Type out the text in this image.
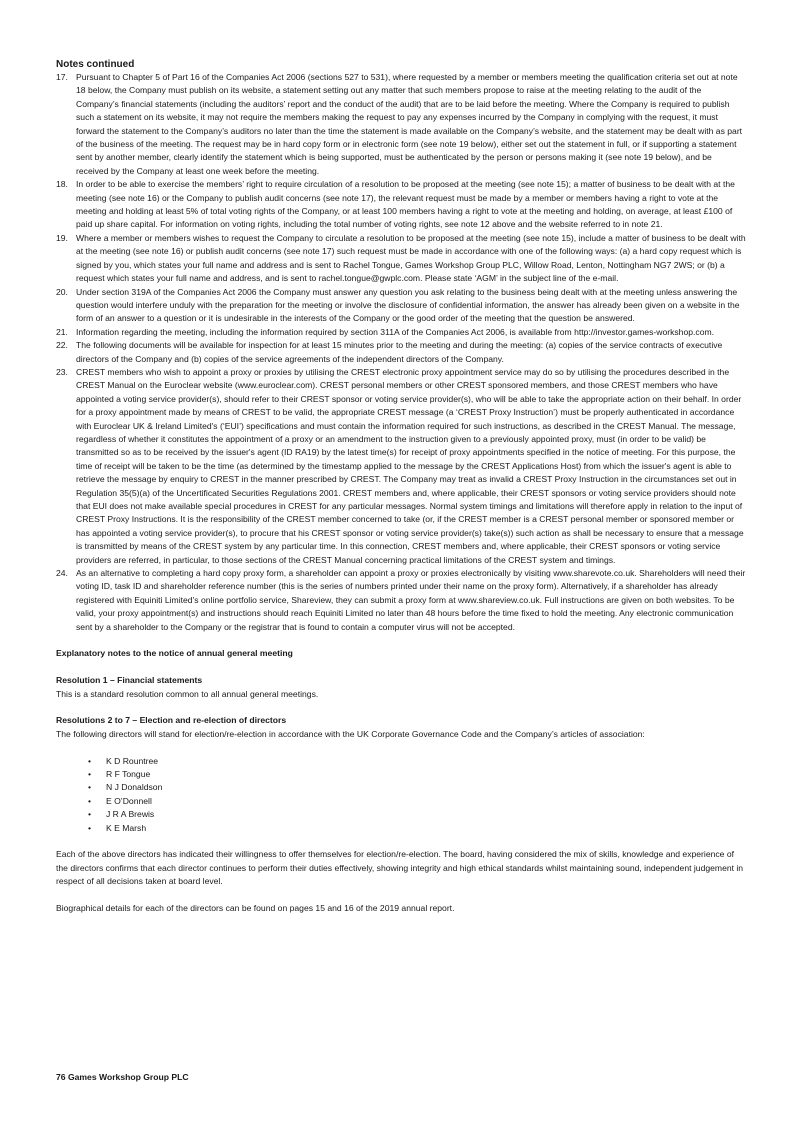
Notes continued
17. Pursuant to Chapter 5 of Part 16 of the Companies Act 2006 (sections 527 to 531), where requested by a member or members meeting the qualification criteria set out at note 18 below, the Company must publish on its website, a statement setting out any matter that such members propose to raise at the meeting relating to the audit of the Company’s financial statements (including the auditors’ report and the conduct of the audit) that are to be laid before the meeting. Where the Company is required to publish such a statement on its website, it may not require the members making the request to pay any expenses incurred by the Company in complying with the request, it must forward the statement to the Company’s auditors no later than the time the statement is made available on the Company’s website, and the statement may be dealt with as part of the business of the meeting. The request may be in hard copy form or in electronic form (see note 19 below), either set out the statement in full, or if supporting a statement sent by another member, clearly identify the statement which is being supported, must be authenticated by the person or persons making it (see note 19 below), and be received by the Company at least one week before the meeting.
18. In order to be able to exercise the members’ right to require circulation of a resolution to be proposed at the meeting (see note 15); a matter of business to be dealt with at the meeting (see note 16) or the Company to publish audit concerns (see note 17), the relevant request must be made by a member or members having a right to vote at the meeting and holding at least 5% of total voting rights of the Company, or at least 100 members having a right to vote at the meeting and holding, on average, at least £100 of paid up share capital. For information on voting rights, including the total number of voting rights, see note 12 above and the website referred to in note 21.
19. Where a member or members wishes to request the Company to circulate a resolution to be proposed at the meeting (see note 15), include a matter of business to be dealt with at the meeting (see note 16) or publish audit concerns (see note 17) such request must be made in accordance with one of the following ways: (a) a hard copy request which is signed by you, which states your full name and address and is sent to Rachel Tongue, Games Workshop Group PLC, Willow Road, Lenton, Nottingham NG7 2WS; or (b) a request which states your full name and address, and is sent to rachel.tongue@gwplc.com. Please state ‘AGM’ in the subject line of the e-mail.
20. Under section 319A of the Companies Act 2006 the Company must answer any question you ask relating to the business being dealt with at the meeting unless answering the question would interfere unduly with the preparation for the meeting or involve the disclosure of confidential information, the answer has already been given on a website in the form of an answer to a question or it is undesirable in the interests of the Company or the good order of the meeting that the question be answered.
21. Information regarding the meeting, including the information required by section 311A of the Companies Act 2006, is available from http://investor.games-workshop.com.
22. The following documents will be available for inspection for at least 15 minutes prior to the meeting and during the meeting: (a) copies of the service contracts of executive directors of the Company and (b) copies of the service agreements of the independent directors of the Company.
23. CREST members who wish to appoint a proxy or proxies by utilising the CREST electronic proxy appointment service may do so by utilising the procedures described in the CREST Manual on the Euroclear website (www.euroclear.com). CREST personal members or other CREST sponsored members, and those CREST members who have appointed a voting service provider(s), should refer to their CREST sponsor or voting service provider(s), who will be able to take the appropriate action on their behalf. In order for a proxy appointment made by means of CREST to be valid, the appropriate CREST message (a ‘CREST Proxy Instruction’) must be properly authenticated in accordance with Euroclear UK & Ireland Limited's (‘EUI’) specifications and must contain the information required for such instructions, as described in the CREST Manual. The message, regardless of whether it constitutes the appointment of a proxy or an amendment to the instruction given to a previously appointed proxy, must (in order to be valid) be transmitted so as to be received by the issuer's agent (ID RA19) by the latest time(s) for receipt of proxy appointments specified in the notice of meeting. For this purpose, the time of receipt will be taken to be the time (as determined by the timestamp applied to the message by the CREST Applications Host) from which the issuer's agent is able to retrieve the message by enquiry to CREST in the manner prescribed by CREST. The Company may treat as invalid a CREST Proxy Instruction in the circumstances set out in Regulation 35(5)(a) of the Uncertificated Securities Regulations 2001. CREST members and, where applicable, their CREST sponsors or voting service providers should note that EUI does not make available special procedures in CREST for any particular messages. Normal system timings and limitations will therefore apply in relation to the input of CREST Proxy Instructions. It is the responsibility of the CREST member concerned to take (or, if the CREST member is a CREST personal member or sponsored member or has appointed a voting service provider(s), to procure that his CREST sponsor or voting service provider(s) take(s)) such action as shall be necessary to ensure that a message is transmitted by means of the CREST system by any particular time. In this connection, CREST members and, where applicable, their CREST sponsors or voting service providers are referred, in particular, to those sections of the CREST Manual concerning practical limitations of the CREST system and timings.
24. As an alternative to completing a hard copy proxy form, a shareholder can appoint a proxy or proxies electronically by visiting www.sharevote.co.uk. Shareholders will need their voting ID, task ID and shareholder reference number (this is the series of numbers printed under their name on the proxy form). Alternatively, if a shareholder has already registered with Equiniti Limited’s online portfolio service, Shareview, they can submit a proxy form at www.shareview.co.uk. Full instructions are given on both websites. To be valid, your proxy appointment(s) and instructions should reach Equiniti Limited no later than 48 hours before the time fixed to hold the meeting. Any electronic communication sent by a shareholder to the Company or the registrar that is found to contain a computer virus will not be accepted.

Explanatory notes to the notice of annual general meeting

Resolution 1 – Financial statements

This is a standard resolution common to all annual general meetings.

Resolutions 2 to 7 – Election and re-election of directors

The following directors will stand for election/re-election in accordance with the UK Corporate Governance Code and the Company’s articles of association:

• K D Rountree
• R F Tongue
• N J Donaldson
• E O’Donnell
• J R A Brewis
• K E Marsh

Each of the above directors has indicated their willingness to offer themselves for election/re-election. The board, having considered the mix of skills, knowledge and experience of the directors confirms that each director continues to perform their duties effectively, showing integrity and high ethical standards whilst maintaining sound, independent judgement in respect of all decisions taken at board level.

Biographical details for each of the directors can be found on pages 15 and 16 of the 2019 annual report.

76 Games Workshop Group PLC
